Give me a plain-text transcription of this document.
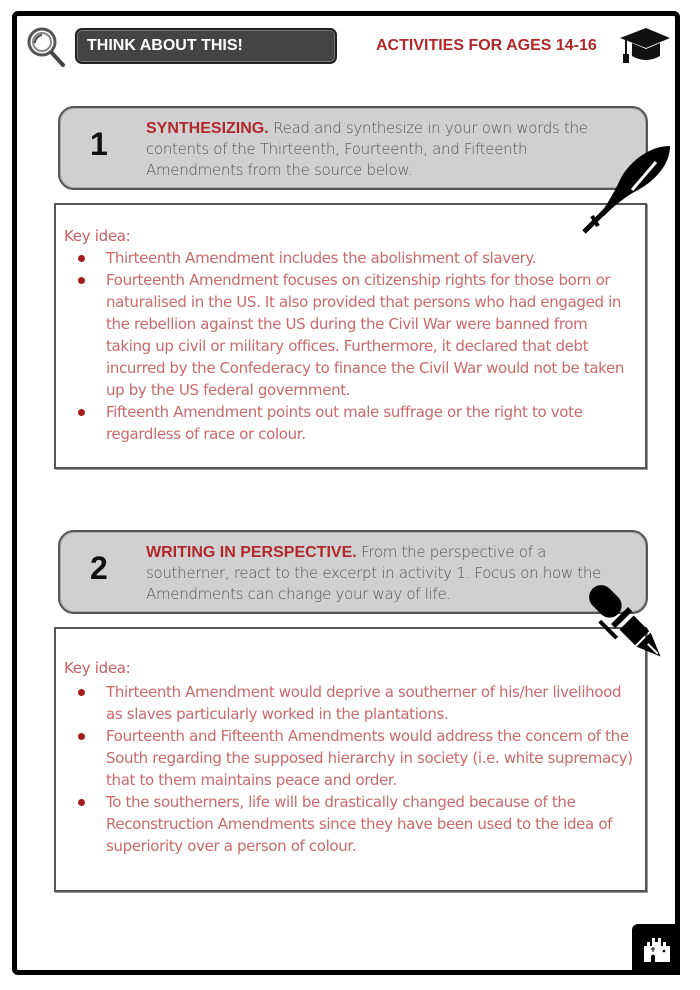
THINK ABOUT THIS!	ACTIVITIES FOR AGES 14-16
1 SYNTHESIZING. Read and synthesize in your own words the contents of the Thirteenth, Fourteenth, and Fifteenth Amendments from the source below.
Key idea:
Thirteenth Amendment includes the abolishment of slavery.
Fourteenth Amendment focuses on citizenship rights for those born or naturalised in the US. It also provided that persons who had engaged in the rebellion against the US during the Civil War were banned from taking up civil or military offices. Furthermore, it declared that debt incurred by the Confederacy to finance the Civil War would not be taken up by the US federal government.
Fifteenth Amendment points out male suffrage or the right to vote regardless of race or colour.
2 WRITING IN PERSPECTIVE. From the perspective of a southerner, react to the excerpt in activity 1. Focus on how the Amendments can change your way of life.
Key idea:
Thirteenth Amendment would deprive a southerner of his/her livelihood as slaves particularly worked in the plantations.
Fourteenth and Fifteenth Amendments would address the concern of the South regarding the supposed hierarchy in society (i.e. white supremacy) that to them maintains peace and order.
To the southerners, life will be drastically changed because of the Reconstruction Amendments since they have been used to the idea of superiority over a person of colour.
